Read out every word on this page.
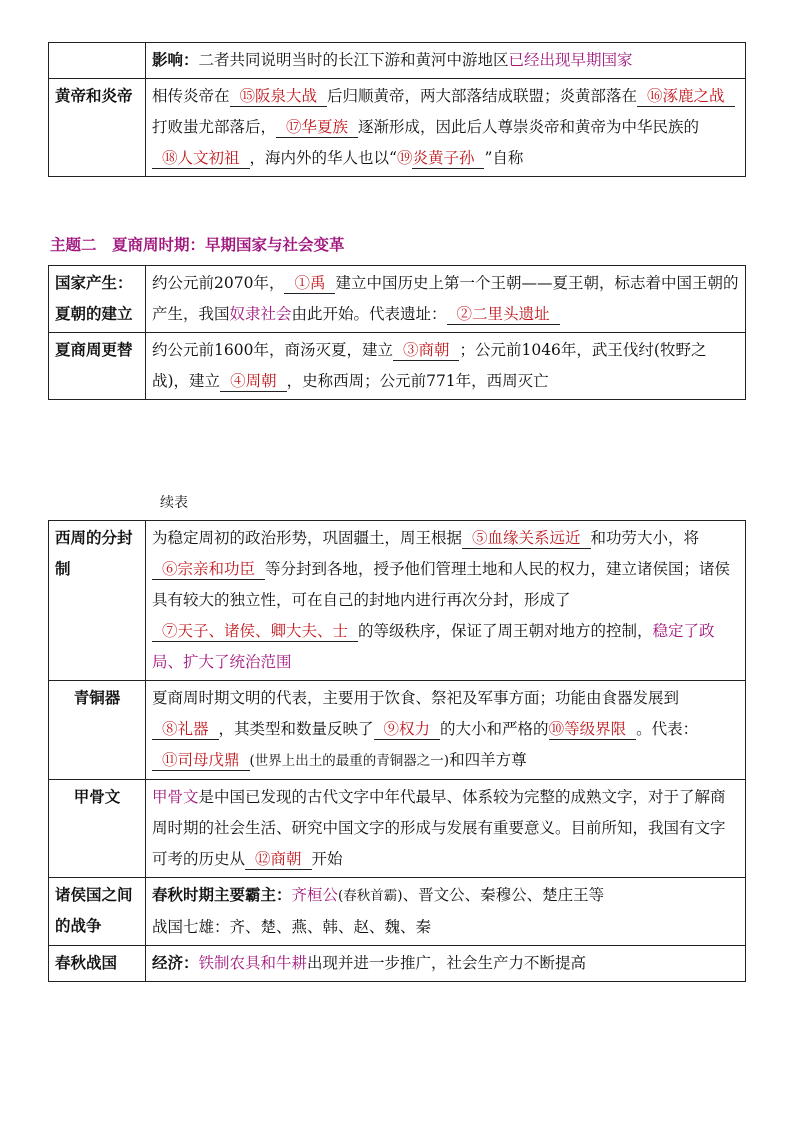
	影响：二者共同说明当时的长江下游和黄河中游地区已经出现早期国家
黄帝和炎帝	相传炎帝在 ⑮阪泉大战 后归顺黄帝，两大部落结成联盟；炎黄部落在 ⑯涿鹿之战打败蚩尤部落后， ⑰华夏族 逐渐形成，因此后人尊崇炎帝和黄帝为中华民族的⑱人文初祖 ，海内外的华人也以“⑲炎黄子孙 ”自称
主题二　夏商周时期：早期国家与社会变革
国家产生：夏朝的建立	约公元前2070年， ①禹 建立中国历史上第一个王朝——夏王朝，标志着中国王朝的产生，我国奴隶社会由此开始。代表遗址： ②二里头遗址
夏商周更替	约公元前1600年，商汤灭夏，建立 ③商朝 ；公元前1046年，武王伐纣(牧野之战)，建立 ④周朝 ，史称西周；公元前771年，西周灭亡
续表
西周的分封制	为稳定周初的政治形势，巩固疆土，周王根据 ⑤血缘关系远近 和功劳大小，将⑥宗亲和功臣 等分封到各地，授予他们管理土地和人民的权力，建立诸侯国；诸侯具有较大的独立性，可在自己的封地内进行再次分封，形成了⑦天子、诸侯、卿大夫、士 的等级秩序，保证了周王朝对地方的控制，稳定了政局、扩大了统治范围
青铜器	夏商周时期文明的代表，主要用于饮食、祭祀及军事方面；功能由食器发展到⑧礼器 ，其类型和数量反映了 ⑨权力 的大小和严格的⑩等级界限 。代表：⑪司母戊鼎 (世界上出土的最重的青铜器之一)和四羊方尊
甲骨文	甲骨文是中国已发现的古代文字中年代最早、体系较为完整的成熟文字，对于了解商周时期的社会生活、研究中国文字的形成与发展有重要意义。目前所知，我国有文字可考的历史从 ⑫商朝 开始
诸侯国之间的战争	春秋时期主要霸主：齐桓公(春秋首霸)、晋文公、秦穆公、楚庄王等
战国七雄：齐、楚、燕、韩、赵、魏、秦
春秋战国	经济：铁制农具和牛耕出现并进一步推广，社会生产力不断提高
